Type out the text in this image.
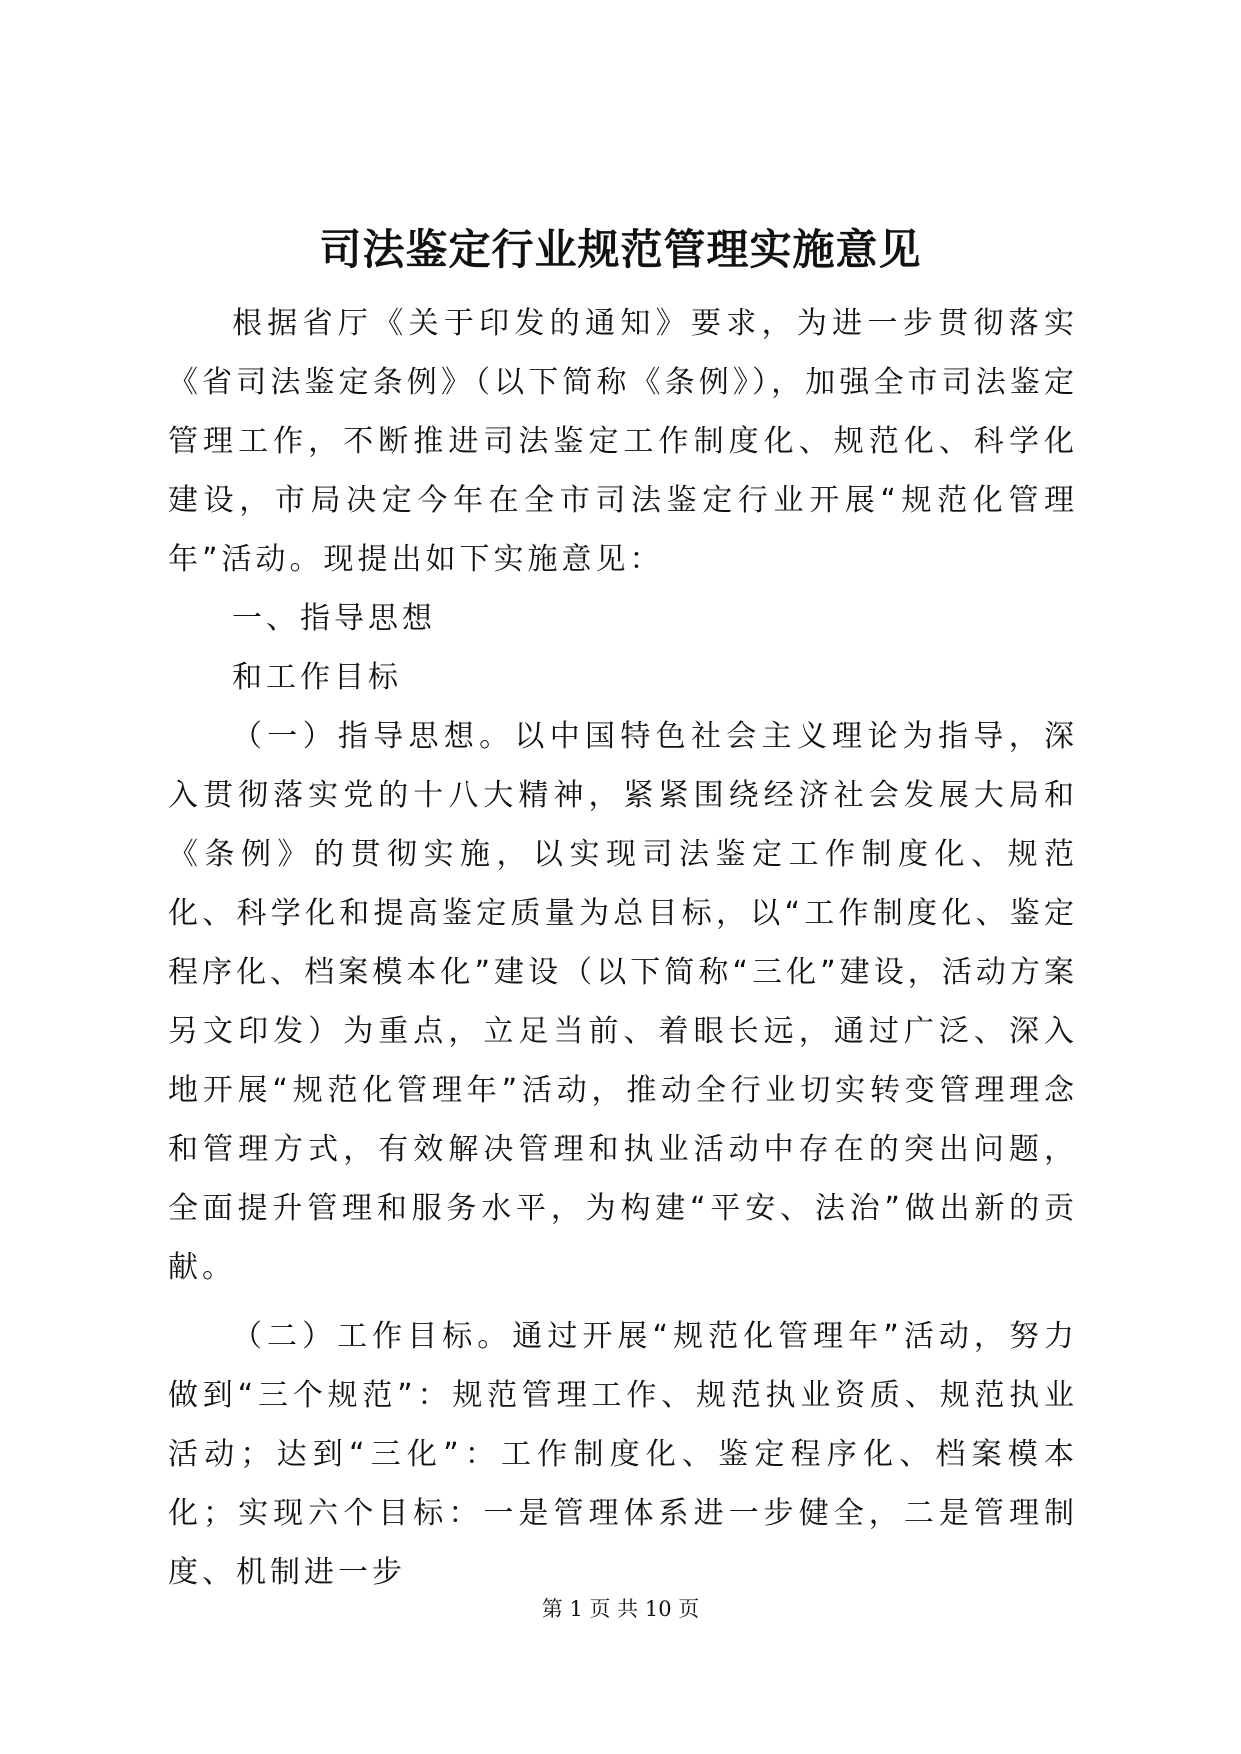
司法鉴定行业规范管理实施意见

根据省厅《关于印发的通知》要求，为进一步贯彻落实《省司法鉴定条例》（以下简称《条例》），加强全市司法鉴定管理工作，不断推进司法鉴定工作制度化、规范化、科学化建设，市局决定今年在全市司法鉴定行业开展“规范化管理年”活动。现提出如下实施意见：

一、指导思想

和工作目标

（一）指导思想。以中国特色社会主义理论为指导，深入贯彻落实党的十八大精神，紧紧围绕经济社会发展大局和《条例》的贯彻实施，以实现司法鉴定工作制度化、规范化、科学化和提高鉴定质量为总目标，以“工作制度化、鉴定程序化、档案模本化”建设（以下简称“三化”建设，活动方案另文印发）为重点，立足当前、着眼长远，通过广泛、深入地开展“规范化管理年”活动，推动全行业切实转变管理理念和管理方式，有效解决管理和执业活动中存在的突出问题，全面提升管理和服务水平，为构建“平安、法治”做出新的贡献。

（二）工作目标。通过开展“规范化管理年”活动，努力做到“三个规范”：规范管理工作、规范执业资质、规范执业活动；达到“三化”：工作制度化、鉴定程序化、档案模本化；实现六个目标：一是管理体系进一步健全，二是管理制度、机制进一步

第 1 页 共 10 页
